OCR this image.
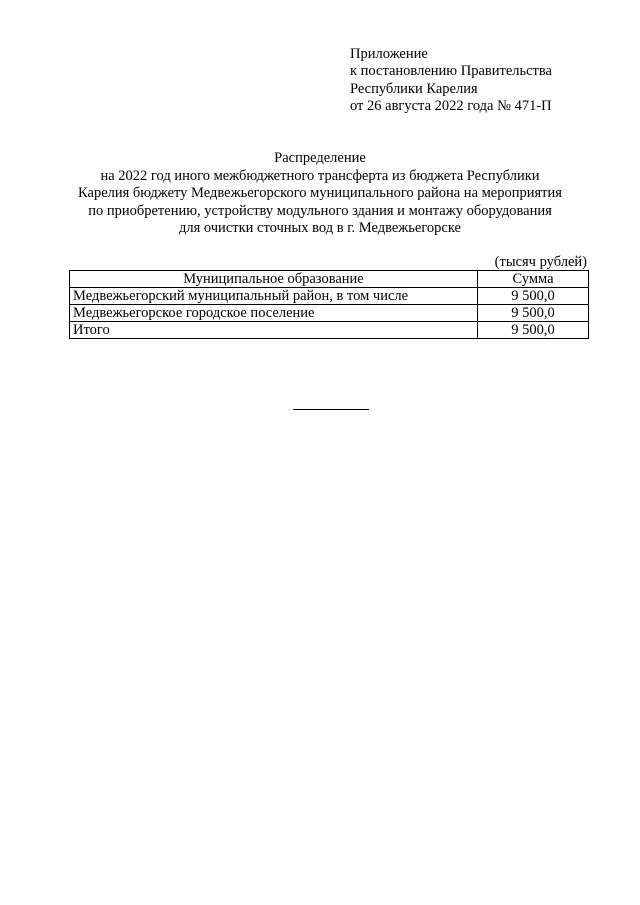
Приложение
к постановлению Правительства
Республики Карелия
от 26 августа 2022 года № 471-П
Распределение
на 2022 год иного межбюджетного трансферта из бюджета Республики
Карелия бюджету Медвежьегорского муниципального района на мероприятия
по приобретению, устройству модульного здания и монтажу оборудования
для очистки сточных вод в г. Медвежьегорске
(тысяч рублей)
Муниципальное образование	Сумма
Медвежьегорский муниципальный район, в том числе	9 500,0
Медвежьегорское городское поселение	9 500,0
Итого	9 500,0
